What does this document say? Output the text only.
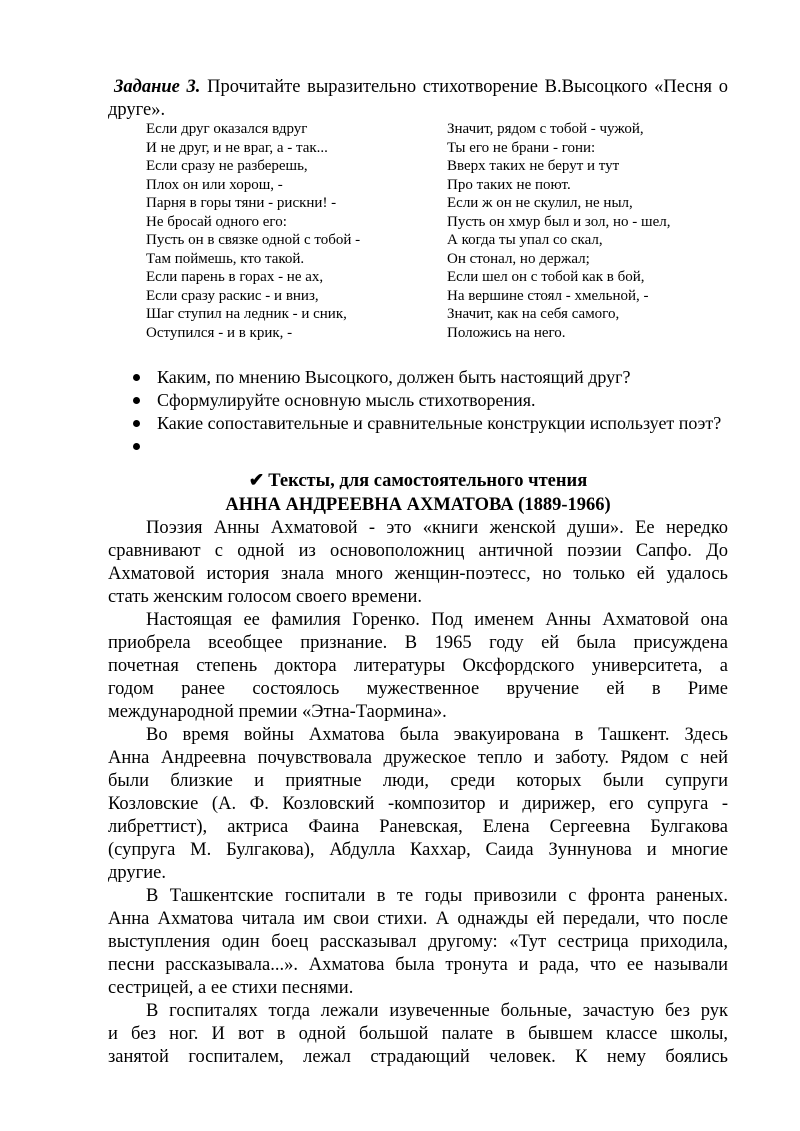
Задание 3. Прочитайте выразительно стихотворение В.Высоцкого «Песня о друге».
Если друг оказался вдруг
И не друг, и не враг, а - так...
Если сразу не разберешь,
Плох он или хорош, -
Парня в горы тяни - рискни! -
Не бросай одного его:
Пусть он в связке одной с тобой -
Там поймешь, кто такой.
Если парень в горах - не ах,
Если сразу раскис - и вниз,
Шаг ступил на ледник - и сник,
Оступился - и в крик, -
Значит, рядом с тобой - чужой,
Ты его не брани - гони:
Вверх таких не берут и тут
Про таких не поют.
Если ж он не скулил, не ныл,
Пусть он хмур был и зол, но - шел,
А когда ты упал со скал,
Он стонал, но держал;
Если шел он с тобой как в бой,
На вершине стоял - хмельной, -
Значит, как на себя самого,
Положись на него.
Каким, по мнению Высоцкого, должен быть настоящий друг?
Сформулируйте основную мысль стихотворения.
Какие сопоставительные и сравнительные конструкции использует поэт?
✔ Тексты, для самостоятельного чтения
АННА АНДРЕЕВНА АХМАТОВА (1889-1966)

Поэзия Анны Ахматовой - это «книги женской души». Ее нередко
сравнивают с одной из основоположниц античной поэзии Сапфо. До
Ахматовой история знала много женщин-поэтесс, но только ей удалось
стать женским голосом своего времени.

Настоящая ее фамилия Горенко. Под именем Анны Ахматовой она
приобрела всеобщее признание. В 1965 году ей была присуждена
почетная степень доктора литературы Оксфордского университета, а
годом ранее состоялось мужественное вручение ей в Риме
международной премии «Этна-Таормина».

Во время войны Ахматова была эвакуирована в Ташкент. Здесь
Анна Андреевна почувствовала дружеское тепло и заботу. Рядом с ней
были близкие и приятные люди, среди которых были супруги
Козловские (А. Ф. Козловский -композитор и дирижер, его супруга -
либреттист), актриса Фаина Раневская, Елена Сергеевна Булгакова
(супруга М. Булгакова), Абдулла Каххар, Саида Зуннунова и многие
другие.

В Ташкентские госпитали в те годы привозили с фронта раненых.
Анна Ахматова читала им свои стихи. А однажды ей передали, что после
выступления один боец рассказывал другому: «Тут сестрица приходила,
песни рассказывала...». Ахматова была тронута и рада, что ее называли
сестрицей, а ее стихи песнями.

В госпиталях тогда лежали изувеченные больные, зачастую без рук
и без ног. И вот в одной большой палате в бывшем классе школы,
занятой госпиталем, лежал страдающий человек. К нему боялись
